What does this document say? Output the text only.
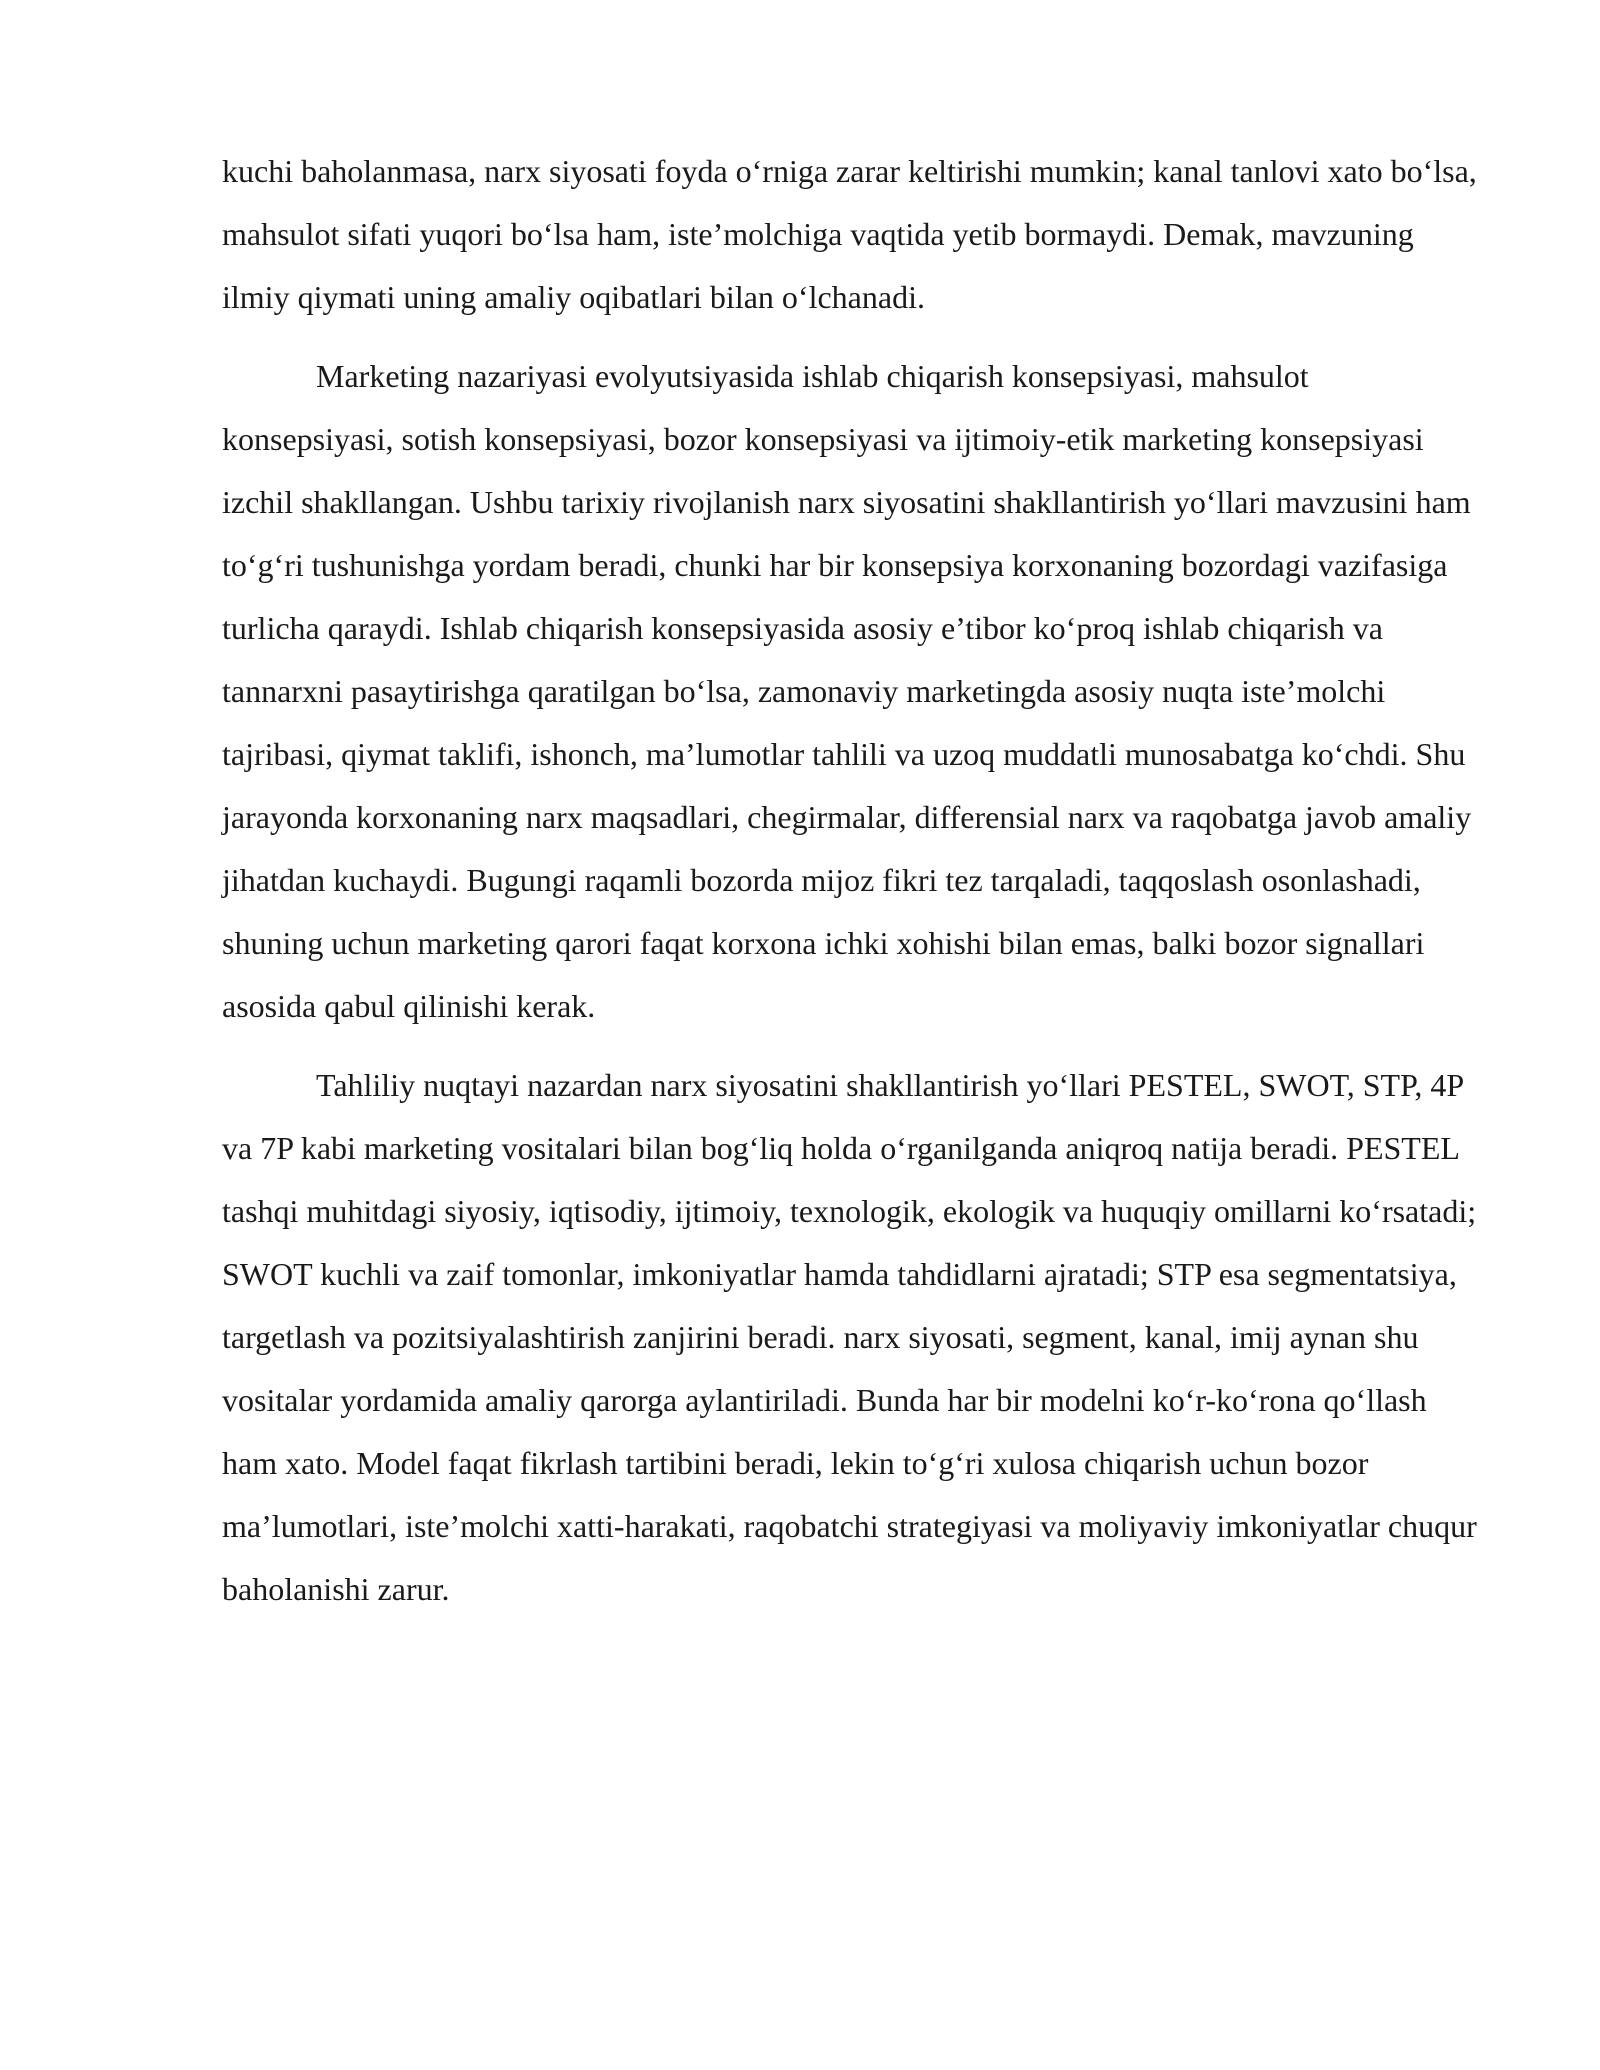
kuchi baholanmasa, narx siyosati foyda o‘rniga zarar keltirishi mumkin; kanal tanlovi xato bo‘lsa, mahsulot sifati yuqori bo‘lsa ham, iste’molchiga vaqtida yetib bormaydi. Demak, mavzuning ilmiy qiymati uning amaliy oqibatlari bilan o‘lchanadi.

Marketing nazariyasi evolyutsiyasida ishlab chiqarish konsepsiyasi, mahsulot konsepsiyasi, sotish konsepsiyasi, bozor konsepsiyasi va ijtimoiy-etik marketing konsepsiyasi izchil shakllangan. Ushbu tarixiy rivojlanish narx siyosatini shakllantirish yo‘llari mavzusini ham to‘g‘ri tushunishga yordam beradi, chunki har bir konsepsiya korxonaning bozordagi vazifasiga turlicha qaraydi. Ishlab chiqarish konsepsiyasida asosiy e’tibor ko‘proq ishlab chiqarish va tannarxni pasaytirishga qaratilgan bo‘lsa, zamonaviy marketingda asosiy nuqta iste’molchi tajribasi, qiymat taklifi, ishonch, ma’lumotlar tahlili va uzoq muddatli munosabatga ko‘chdi. Shu jarayonda korxonaning narx maqsadlari, chegirmalar, differensial narx va raqobatga javob amaliy jihatdan kuchaydi. Bugungi raqamli bozorda mijoz fikri tez tarqaladi, taqqoslash osonlashadi, shuning uchun marketing qarori faqat korxona ichki xohishi bilan emas, balki bozor signallari asosida qabul qilinishi kerak.

Tahliliy nuqtayi nazardan narx siyosatini shakllantirish yo‘llari PESTEL, SWOT, STP, 4P va 7P kabi marketing vositalari bilan bog‘liq holda o‘rganilganda aniqroq natija beradi. PESTEL tashqi muhitdagi siyosiy, iqtisodiy, ijtimoiy, texnologik, ekologik va huquqiy omillarni ko‘rsatadi; SWOT kuchli va zaif tomonlar, imkoniyatlar hamda tahdidlarni ajratadi; STP esa segmentatsiya, targetlash va pozitsiyalashtirish zanjirini beradi. narx siyosati, segment, kanal, imij aynan shu vositalar yordamida amaliy qarorga aylantiriladi. Bunda har bir modelni ko‘r-ko‘rona qo‘llash ham xato. Model faqat fikrlash tartibini beradi, lekin to‘g‘ri xulosa chiqarish uchun bozor ma’lumotlari, iste’molchi xatti-harakati, raqobatchi strategiyasi va moliyaviy imkoniyatlar chuqur baholanishi zarur.
